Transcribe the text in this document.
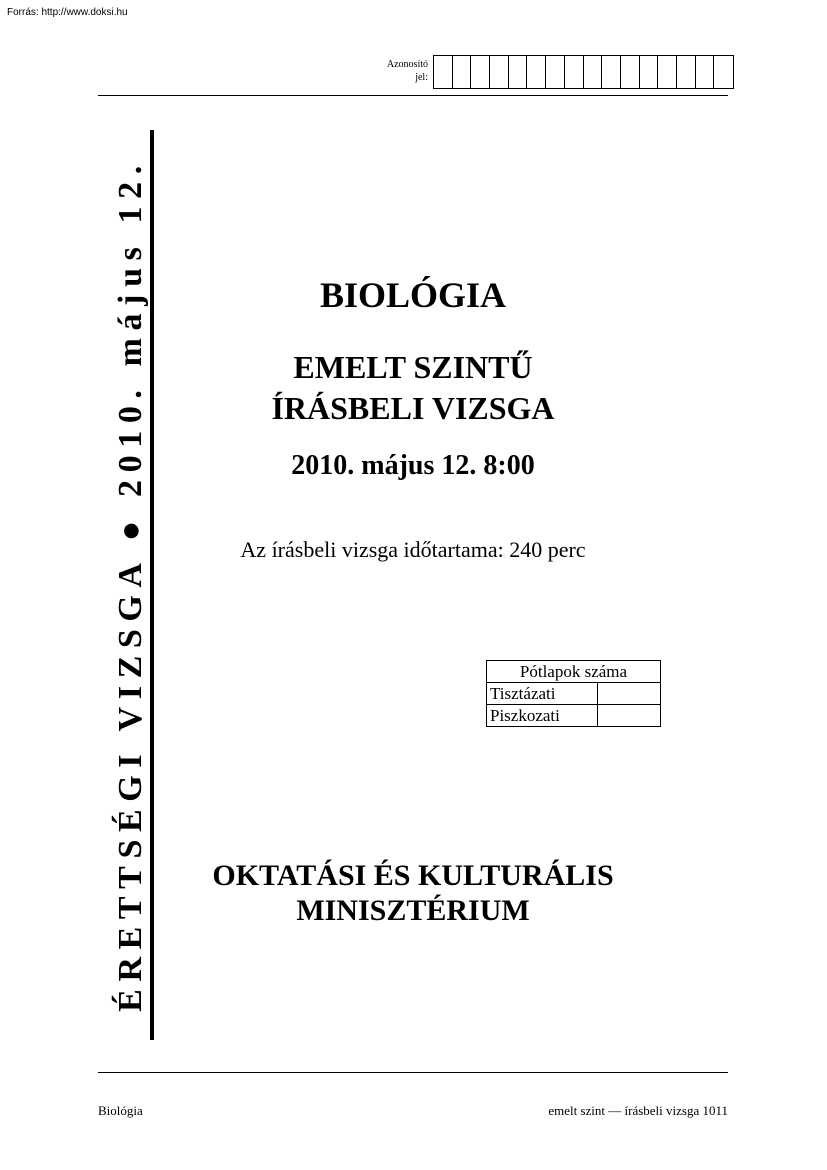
Forrás: http://www.doksi.hu
Azonosító
jel:
ÉRETTSÉGI VIZSGA ● 2010. május 12.	BIOLÓGIA
EMELT SZINTŰ
ÍRÁSBELI VIZSGA
2010. május 12. 8:00
Az írásbeli vizsga időtartama: 240 perc
Pótlapok száma	
Tisztázati	
Piszkozati	
OKTATÁSI ÉS KULTURÁLIS
MINISZTÉRIUM
Biológia	emelt szint — írásbeli vizsga 1011
